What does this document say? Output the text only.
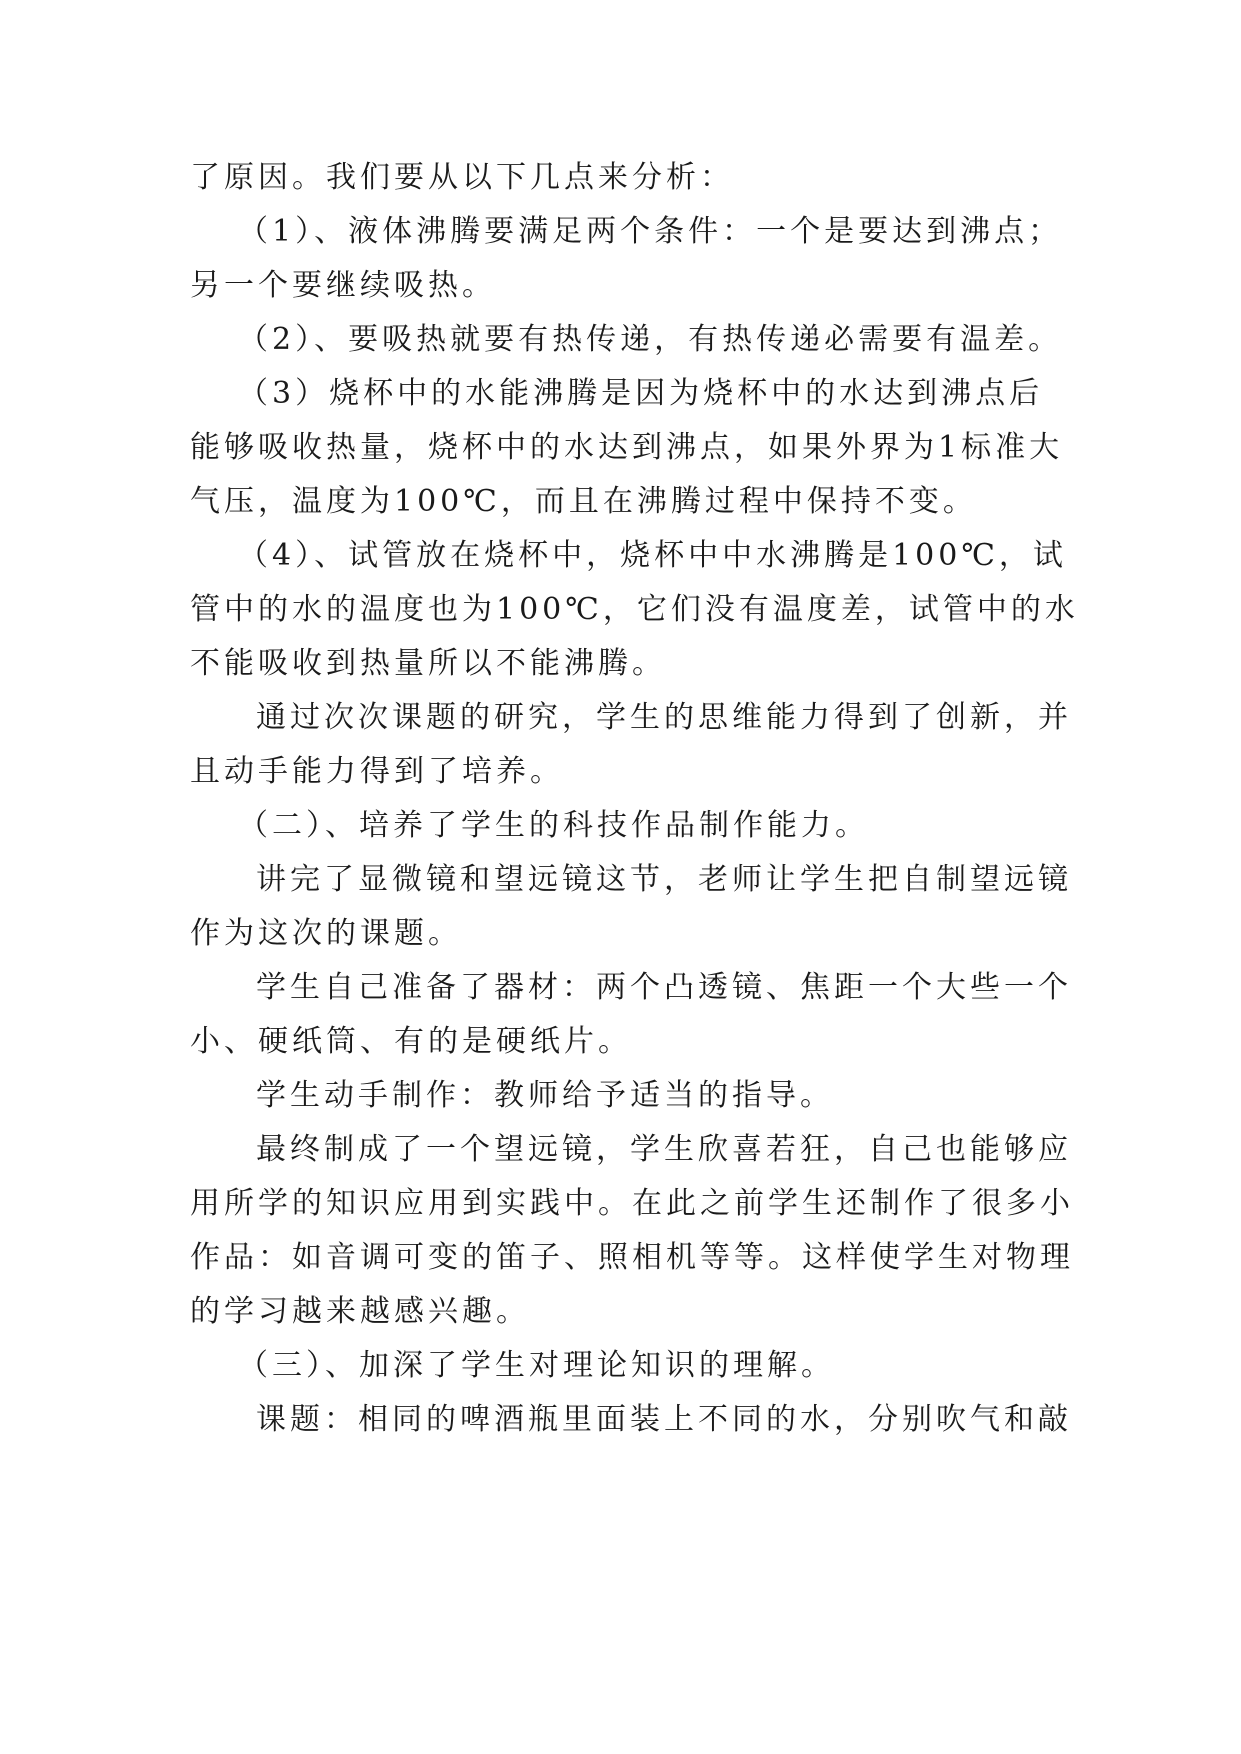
了原因。我们要从以下几点来分析：
（1）、液体沸腾要满足两个条件：一个是要达到沸点；
另一个要继续吸热。
（2）、要吸热就要有热传递，有热传递必需要有温差。
（3）烧杯中的水能沸腾是因为烧杯中的水达到沸点后
能够吸收热量，烧杯中的水达到沸点，如果外界为1标准大
气压，温度为100℃，而且在沸腾过程中保持不变。
（4）、试管放在烧杯中，烧杯中中水沸腾是100℃，试
管中的水的温度也为100℃，它们没有温度差，试管中的水
不能吸收到热量所以不能沸腾。
通过次次课题的研究，学生的思维能力得到了创新，并
且动手能力得到了培养。
（二）、培养了学生的科技作品制作能力。
讲完了显微镜和望远镜这节，老师让学生把自制望远镜
作为这次的课题。
学生自己准备了器材：两个凸透镜、焦距一个大些一个
小、硬纸筒、有的是硬纸片。
学生动手制作：教师给予适当的指导。
最终制成了一个望远镜，学生欣喜若狂，自己也能够应
用所学的知识应用到实践中。在此之前学生还制作了很多小
作品：如音调可变的笛子、照相机等等。这样使学生对物理
的学习越来越感兴趣。
（三）、加深了学生对理论知识的理解。
课题：相同的啤酒瓶里面装上不同的水，分别吹气和敲
